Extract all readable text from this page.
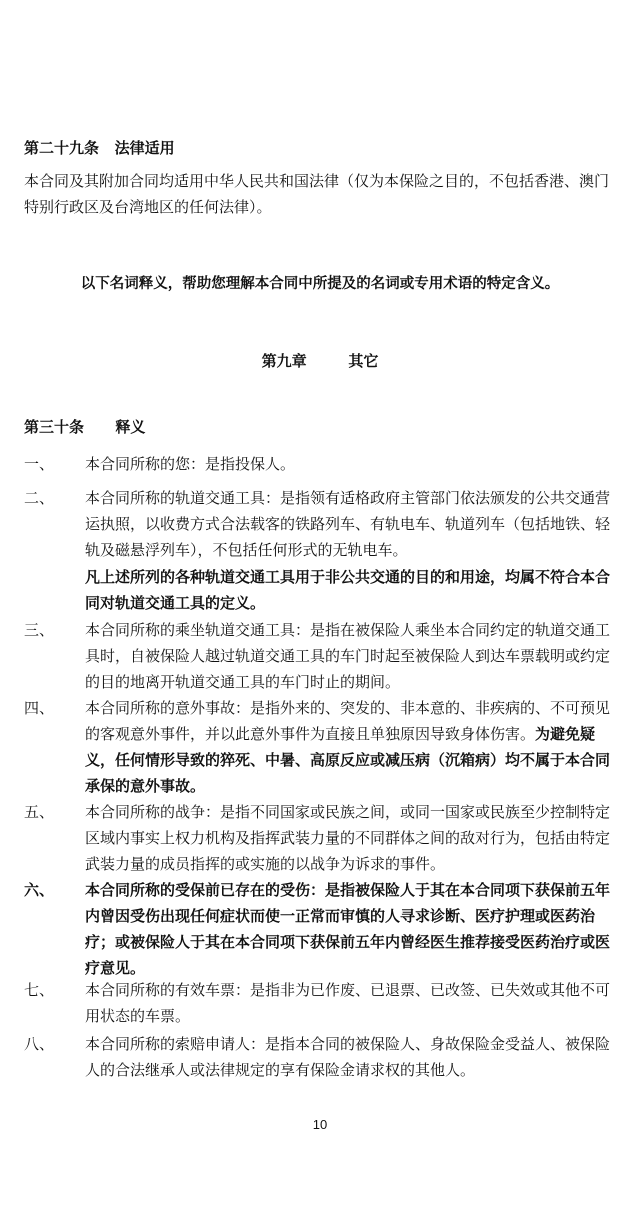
第二十九条   法律适用
本合同及其附加合同均适用中华人民共和国法律（仅为本保险之目的，不包括香港、澳门特别行政区及台湾地区的任何法律）。
以下名词释义，帮助您理解本合同中所提及的名词或专用术语的特定含义。
第九章        其它
第三十条      释义
一、	本合同所称的您：是指投保人。
二、	本合同所称的轨道交通工具：是指领有适格政府主管部门依法颁发的公共交通营运执照，以收费方式合法载客的铁路列车、有轨电车、轨道列车（包括地铁、轻轨及磁悬浮列车），不包括任何形式的无轨电车。
凡上述所列的各种轨道交通工具用于非公共交通的目的和用途，均属不符合本合同对轨道交通工具的定义。
三、	本合同所称的乘坐轨道交通工具：是指在被保险人乘坐本合同约定的轨道交通工具时，自被保险人越过轨道交通工具的车门时起至被保险人到达车票载明或约定的目的地离开轨道交通工具的车门时止的期间。
四、	本合同所称的意外事故：是指外来的、突发的、非本意的、非疾病的、不可预见的客观意外事件，并以此意外事件为直接且单独原因导致身体伤害。为避免疑义，任何情形导致的猝死、中暑、高原反应或减压病（沉箱病）均不属于本合同承保的意外事故。
五、	本合同所称的战争：是指不同国家或民族之间，或同一国家或民族至少控制特定区域内事实上权力机构及指挥武装力量的不同群体之间的敌对行为，包括由特定武装力量的成员指挥的或实施的以战争为诉求的事件。
六、	本合同所称的受保前已存在的受伤：是指被保险人于其在本合同项下获保前五年内曾因受伤出现任何症状而使一正常而审慎的人寻求诊断、医疗护理或医药治疗；或被保险人于其在本合同项下获保前五年内曾经医生推荐接受医药治疗或医疗意见。
七、	本合同所称的有效车票：是指非为已作废、已退票、已改签、已失效或其他不可用状态的车票。
八、	本合同所称的索赔申请人：是指本合同的被保险人、身故保险金受益人、被保险人的合法继承人或法律规定的享有保险金请求权的其他人。
10
